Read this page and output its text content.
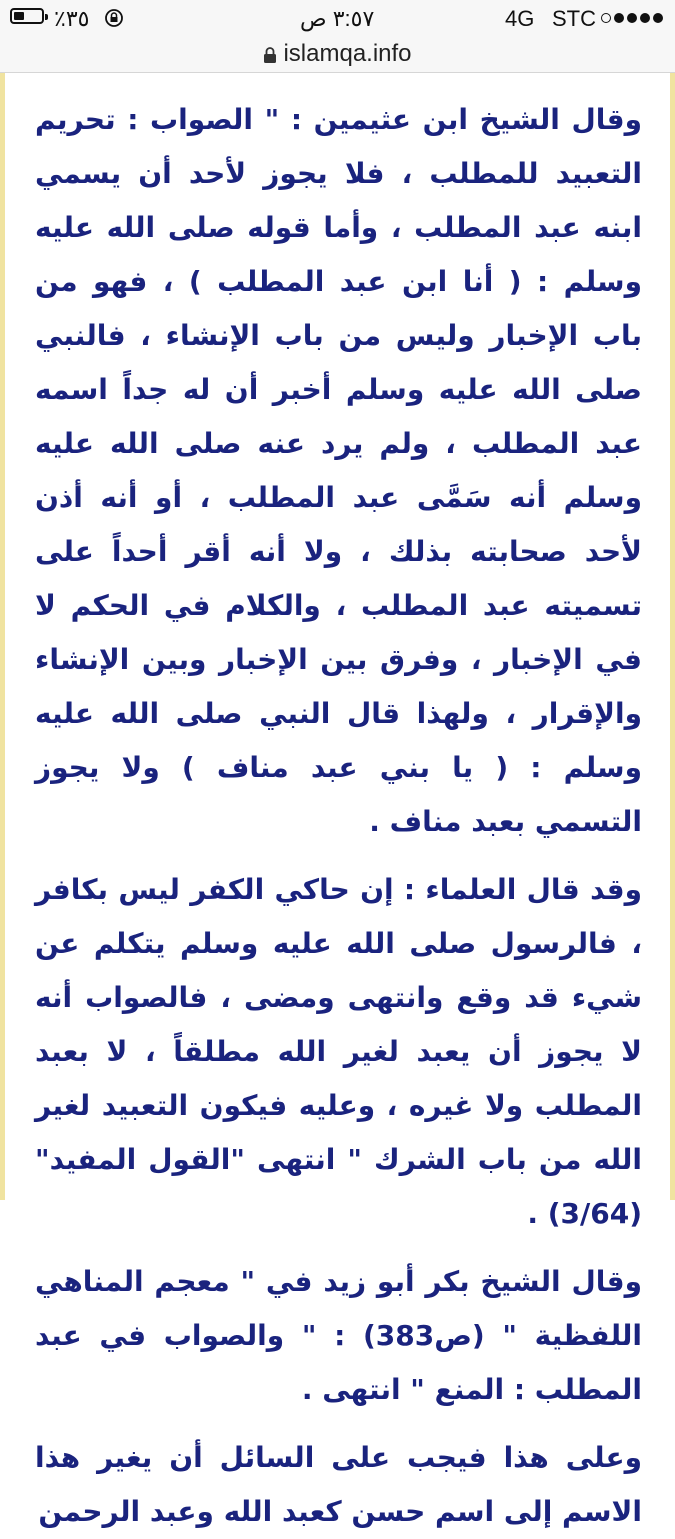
٪٣٥	٣:٥٧ ص	4G STC
islamqa.info

وقال الشيخ ابن عثيمين : " الصواب : تحريم التعبيد للمطلب ، فلا يجوز لأحد أن يسمي ابنه عبد المطلب ، وأما قوله صلى الله عليه وسلم : ( أنا ابن عبد المطلب ) ، فهو من باب الإخبار وليس من باب الإنشاء ، فالنبي صلى الله عليه وسلم أخبر أن له جداً اسمه عبد المطلب ، ولم يرد عنه صلى الله عليه وسلم أنه سَمَّى عبد المطلب ، أو أنه أذن لأحد صحابته بذلك ، ولا أنه أقر أحداً على تسميته عبد المطلب ، والكلام في الحكم لا في الإخبار ، وفرق بين الإخبار وبين الإنشاء والإقرار ، ولهذا قال النبي صلى الله عليه وسلم : ( يا بني عبد مناف ) ولا يجوز التسمي بعبد مناف .

وقد قال العلماء : إن حاكي الكفر ليس بكافر ، فالرسول صلى الله عليه وسلم يتكلم عن شيء قد وقع وانتهى ومضى ، فالصواب أنه لا يجوز أن يعبد لغير الله مطلقاً ، لا بعبد المطلب ولا غيره ، وعليه فيكون التعبيد لغير الله من باب الشرك " انتهى "القول المفيد" (3/64) .

وقال الشيخ بكر أبو زيد في " معجم المناهي اللفظية " (ص383) : " والصواب في عبد المطلب : المنع " انتهى .

وعلى هذا فيجب على السائل أن يغير هذا الاسم إلى اسم حسن كعبد الله وعبد الرحمن
